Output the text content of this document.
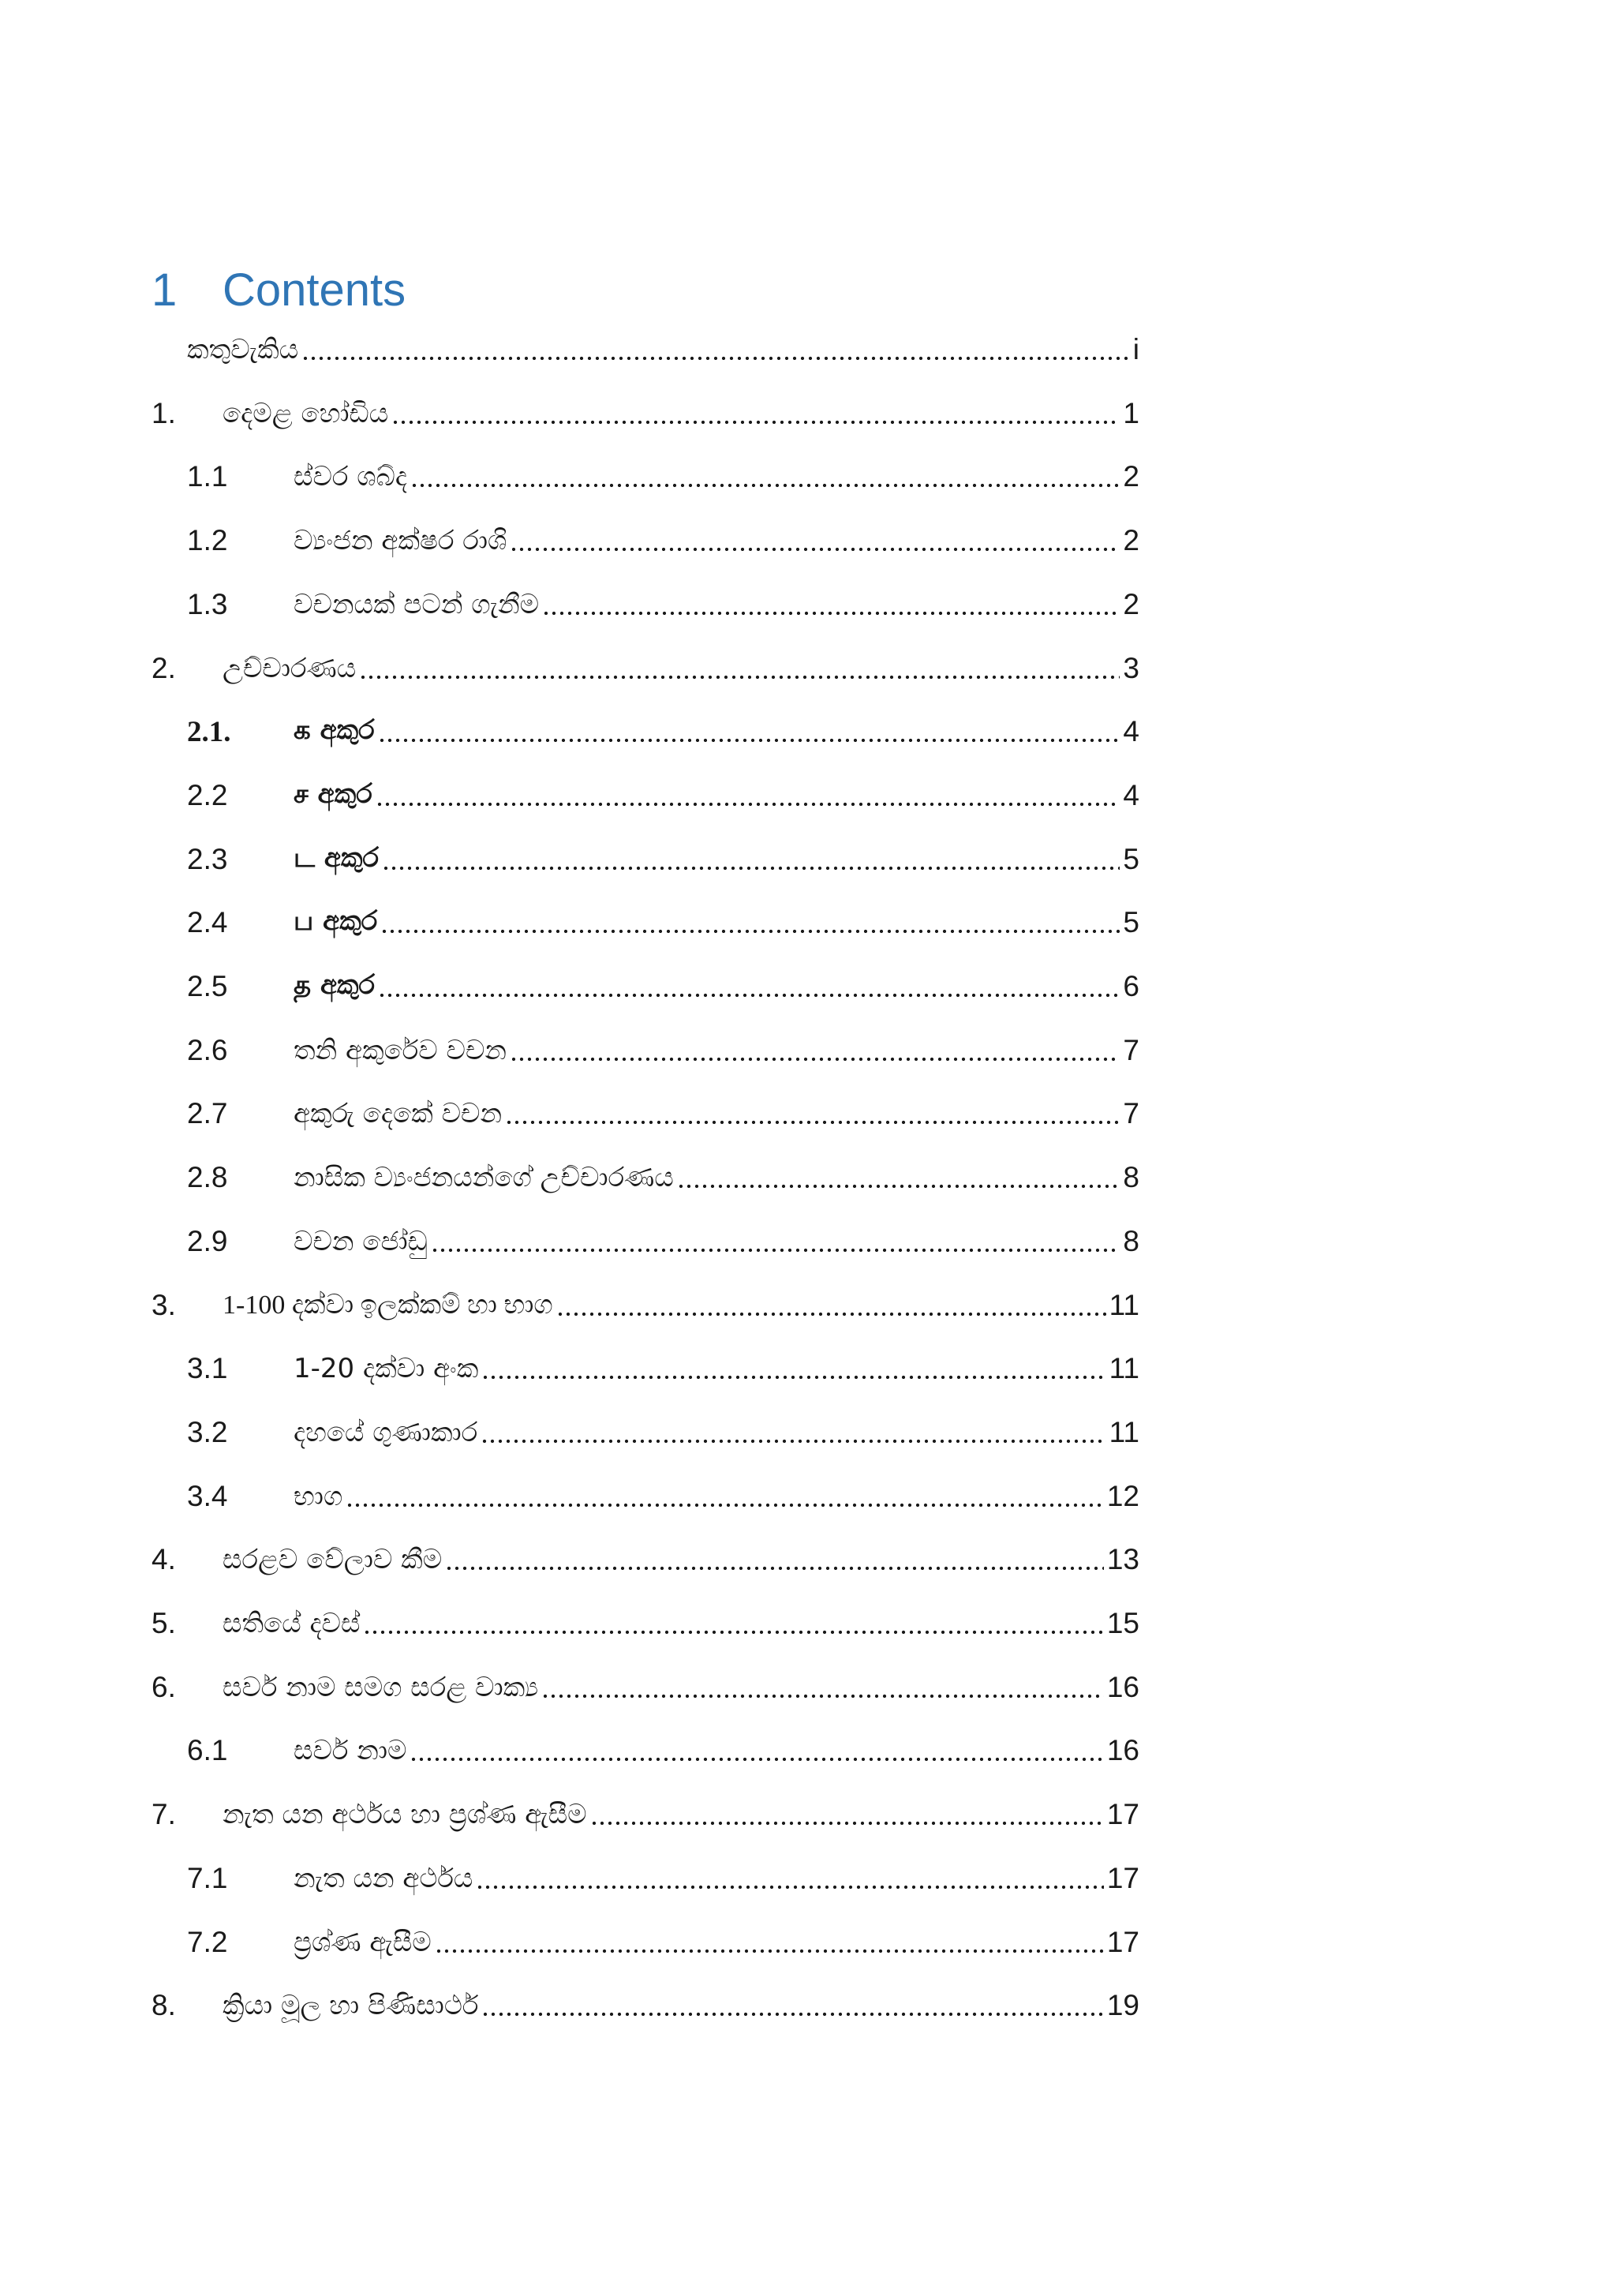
1 Contents
කතුවැකිය	i
1.	දෙමළ හෝඩිය	1
1.1	ස්වර ශබ්ද	2
1.2	ව්‍යංජන අක්ෂර රාශි	2
1.3	වචනයක් පටන් ගැනීම	2
2.	උච්චාරණය	3
2.1.	க අකුර	4
2.2	ச අකුර	4
2.3	ட අකුර	5
2.4	ப අකුර	5
2.5	த අකුර	6
2.6	තනි අකුරේව වචන	7
2.7	අකුරු දෙකේ වචන	7
2.8	නාසික ව්‍යංජනයන්ගේ උච්චාරණය	8
2.9	වචන ජෝඩු	8
3.	1-100 දක්වා ඉලක්කම් හා භාග	11
3.1	1-20 දක්වා අංක	11
3.2	දහයේ ගුණාකාර	11
3.4	භාග	12
4.	සරළව වේලාව කීම	13
5.	සතියේ දවස්	15
6.	සර්ව නාම සමග සරළ වාක්‍ය	16
6.1	සර්ව නාම	16
7.	නැත යන අර්ථය හා ප්‍රශ්ණ ඇසීම	17
7.1	නැත යන අර්ථය	17
7.2	ප්‍රශ්ණ ඇසීම	17
8.	ක්‍රියා මූල හා පිණිසාර්ථ	19
